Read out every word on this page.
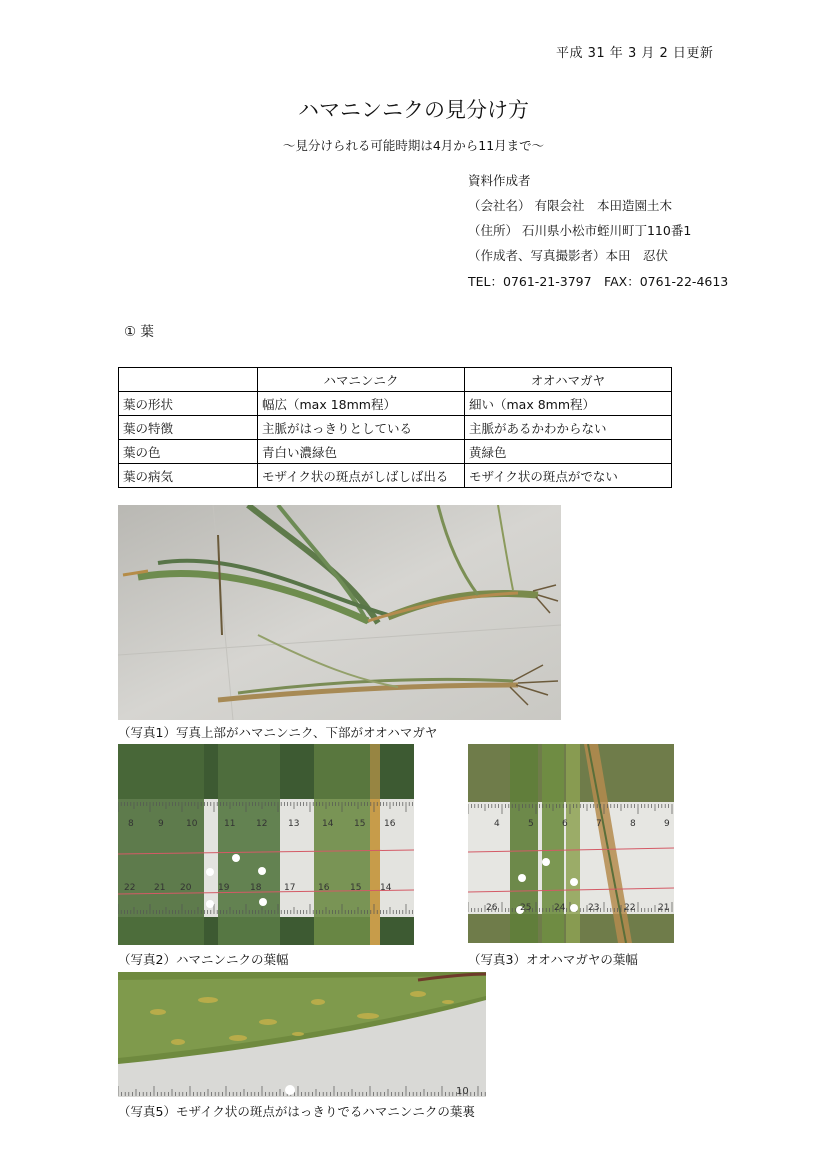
平成 31 年 3 月 2 日更新
ハマニンニクの見分け方
～見分けられる可能時期は4月から11月まで～
資料作成者
（会社名） 有限会社　本田造園土木
（住所） 石川県小松市蛭川町丁110番1
（作成者、写真撮影者）本田　忍伏
TEL：0761-21-3797　FAX：0761-22-4613
① 葉
	ハマニンニク	オオハマガヤ
葉の形状	幅広（max 18mm程）	細い（max 8mm程）
葉の特徴	主脈がはっきりとしている	主脈があるかわからない
葉の色	青白い濃緑色	黄緑色
葉の病気	モザイク状の斑点がしばしば出る	モザイク状の斑点がでない
（写真1）写真上部がハマニンニク、下部がオオハマガヤ
8	9 10	11 12 13	14 15 16
22 21 20	19 18	17	16 15 14
（写真2）ハマニンニクの葉幅
4	5	6	7	8	9
26	25	24	23	22	21
（写真3）オオハマガヤの葉幅
10
（写真5）モザイク状の斑点がはっきりでるハマニンニクの葉裏
